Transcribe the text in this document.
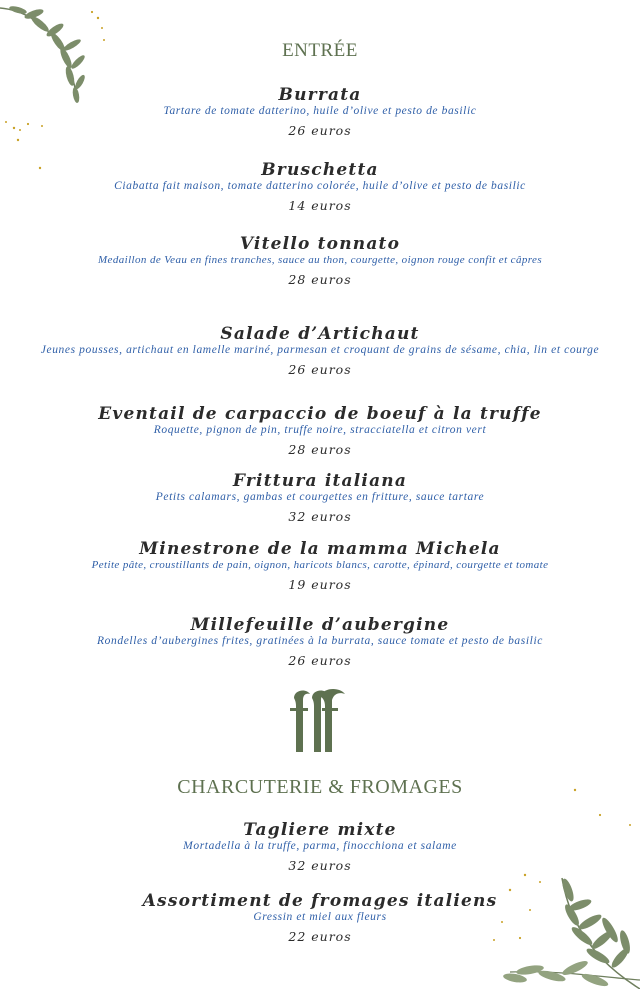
ENTRÉE
Burrata
Tartare de tomate datterino, huile d’olive et pesto de basilic
26 euros
Bruschetta
Ciabatta fait maison, tomate datterino colorée, huile d’olive et pesto de basilic
14 euros
Vitello tonnato
Medaillon de Veau en fines tranches, sauce au thon, courgette, oignon rouge confit et câpres
28 euros
Salade d’Artichaut
Jeunes pousses, artichaut en lamelle mariné, parmesan et croquant de grains de sésame, chia, lin et courge
26 euros
Eventail de carpaccio de boeuf à la truffe
Roquette, pignon de pin, truffe noire, stracciatella et citron vert
28 euros
Frittura italiana
Petits calamars, gambas et courgettes en fritture, sauce tartare
32 euros
Minestrone de la mamma Michela
Petite pâte, croustillants de pain, oignon, haricots blancs, carotte, épinard, courgette et tomate
19 euros
Millefeuille d’aubergine
Rondelles d’aubergines frites, gratinées à la burrata, sauce tomate et pesto de basilic
26 euros
CHARCUTERIE & FROMAGES
Tagliere mixte
Mortadella à la truffe, parma, finocchiona et salame
32 euros
Assortiment de fromages italiens
Gressin et miel aux fleurs
22 euros
